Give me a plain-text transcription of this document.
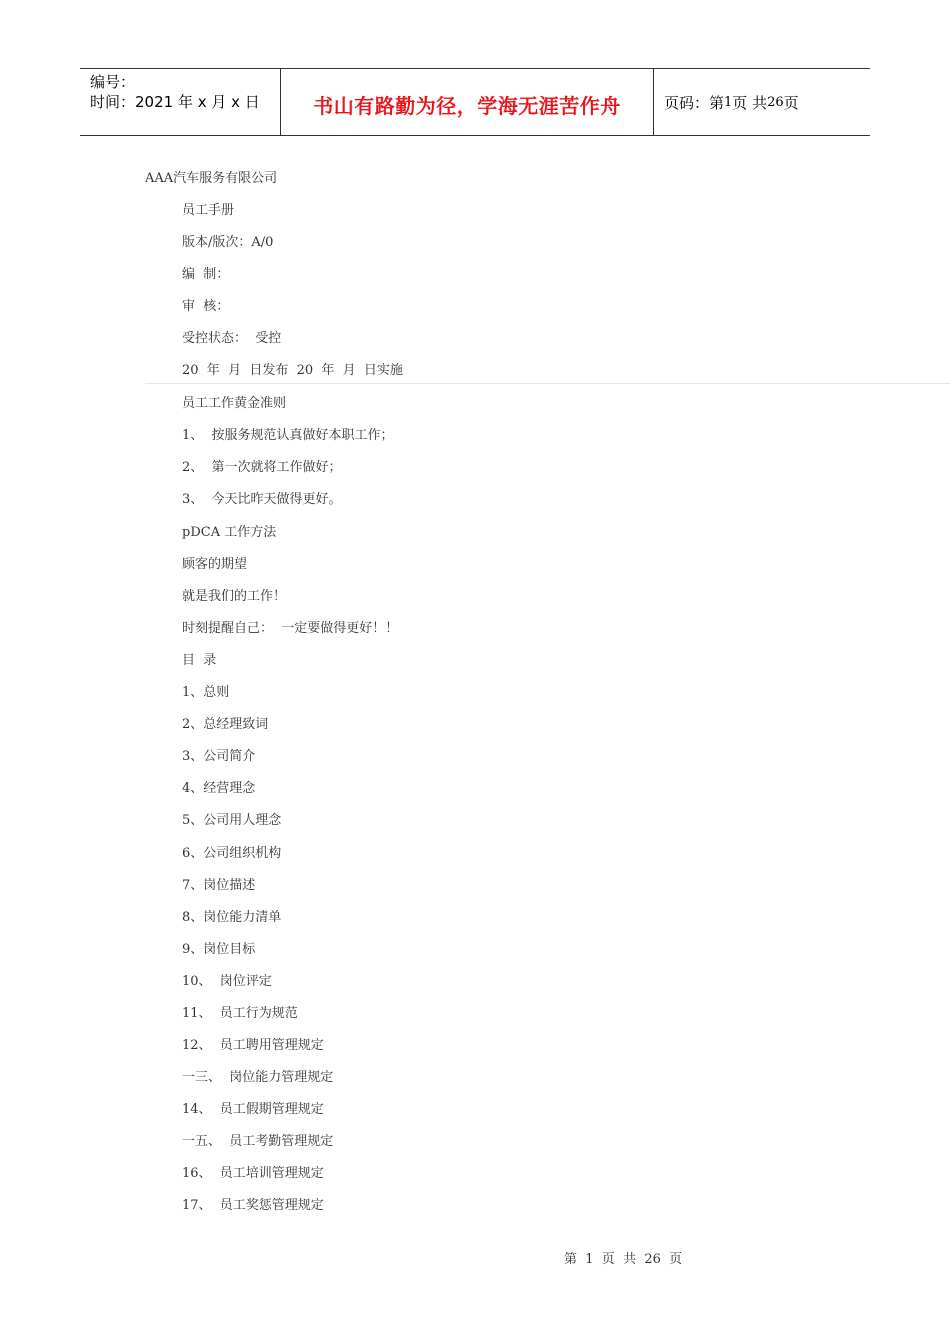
编号：
时间：2021 年 x 月 x 日	书山有路勤为径，学海无涯苦作舟	页码：第 1 页 共 26 页
AAA汽车服务有限公司
员工手册
版本/版次：A/0
编  制：
审  核：
受控状态：  受控
20  年  月  日发布  20  年  月  日实施
员工工作黄金准则
1、  按服务规范认真做好本职工作；
2、  第一次就将工作做好；
3、  今天比昨天做得更好。
pDCA 工作方法
顾客的期望
就是我们的工作！
时刻提醒自己：  一定要做得更好！！
目  录
1、总则
2、总经理致词
3、公司简介
4、经营理念
5、公司用人理念
6、公司组织机构
7、岗位描述
8、岗位能力清单
9、岗位目标
10、  岗位评定
11、  员工行为规范
12、  员工聘用管理规定
一三、  岗位能力管理规定
14、  员工假期管理规定
一五、  员工考勤管理规定
16、  员工培训管理规定
17、  员工奖惩管理规定
第  1  页  共  26  页
